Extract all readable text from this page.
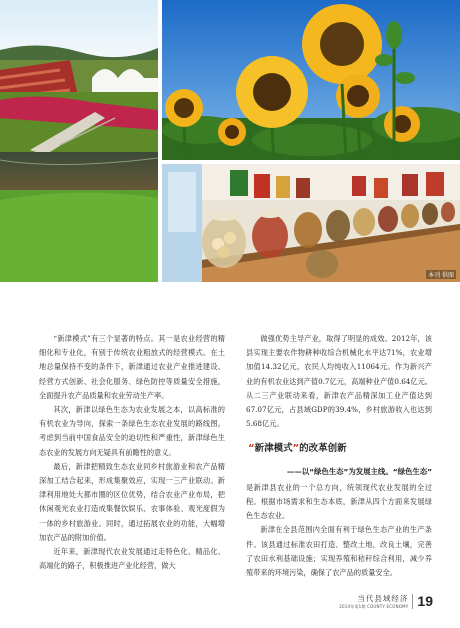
本刊 供图

“新津模式”有三个显著的特点。其一是农业经营的精细化和专业化，有别于传统农业粗放式的经营模式。在土地总量保持不变的条件下，新津通过农业产业推进建设、经营方式创新、社会化服务、绿色防控等质量安全措施，全面提升农产品质量和农业劳动生产率。

其次，新津以绿色生态为农业发展之本，以高标准的有机农业为导向，探索一条绿色生态农业发展的路线图。考虑到当前中国食品安全的迫切性和严重性，新津绿色生态农业的发展方向无疑具有前瞻性的意义。

最后，新津把精致生态农业同乡村旅游业和农产品精深加工结合起来，形成集聚效应，实现一三产业联动。新津利用地处大都市圈的区位优势，结合农业产业布局，把休闲观光农业打造成集餐饮娱乐、农事体验、观光度假为一体的乡村旅游业。同时，通过拓展农业的功能，大幅增加农产品的附加价值。

近年来，新津现代农业发展通过走特色化、精品化、高端化的路子，积极推进产业化经营，做大

做强优势主导产业，取得了明显的成效。2012年，该县实现主要农作物耕种收综合机械化水平达71%，农业增加值14.32亿元，农民人均纯收入11064元。作为新兴产业的有机农业达到产值0.7亿元，高端种业产值0.64亿元。从二三产业联动来看，新津农产品精深加工业产值达到67.07亿元，占县域GDP的39.4%，乡村旅游收入也达到5.68亿元。

“新津模式”的改革创新
——以“绿色生态”为发展主线。“绿色生态”

是新津县农业的一个总方向，统领现代农业发展的全过程。根据市场需求和生态本底，新津从四个方面来发展绿色生态农业。

新津在全县范围内全面有利于绿色生态产业的生产条件。该县通过标准农田打造、整改土地，改良土壤，完善了农田水利基础设施；实现养殖和秸秆综合利用，减少养殖带来的环境污染，确保了农产品的质量安全。

当代县域经济
2014年第1期 COUNTY ECONOMY 19
